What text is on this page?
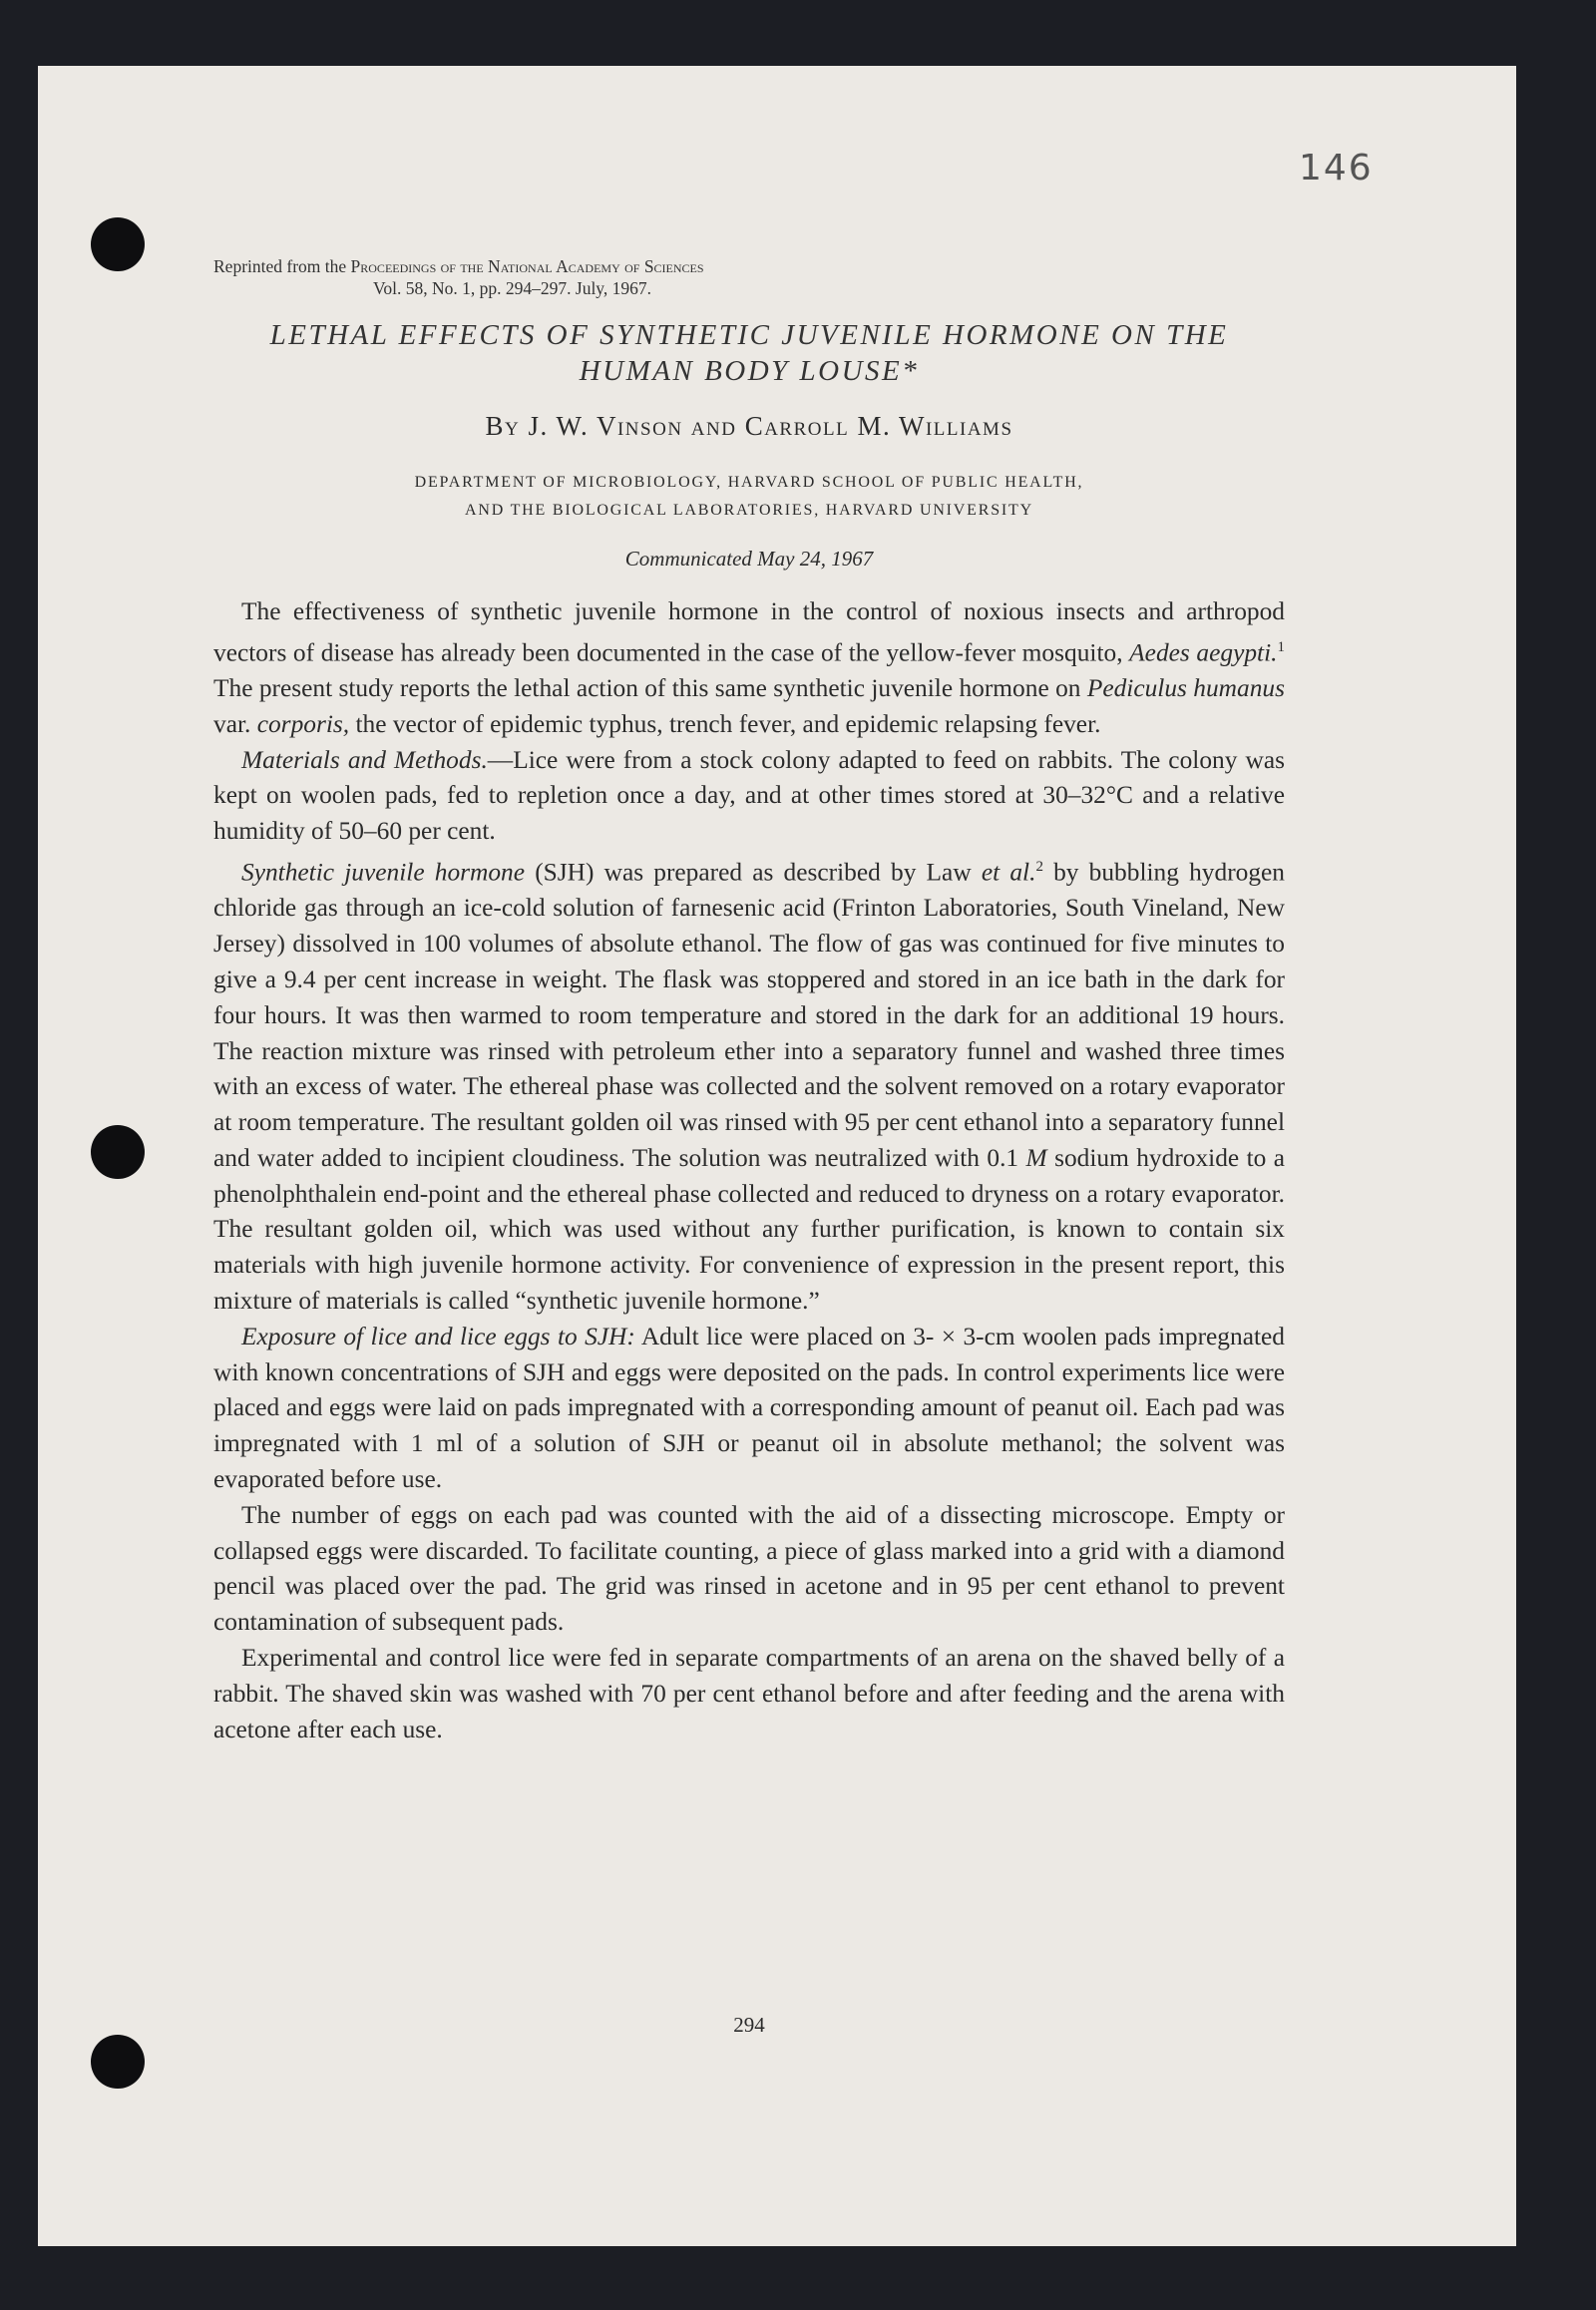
146
Reprinted from the Proceedings of the National Academy of Sciences
Vol. 58, No. 1, pp. 294–297. July, 1967.
LETHAL EFFECTS OF SYNTHETIC JUVENILE HORMONE ON THE HUMAN BODY LOUSE*
By J. W. Vinson and Carroll M. Williams
DEPARTMENT OF MICROBIOLOGY, HARVARD SCHOOL OF PUBLIC HEALTH,
AND THE BIOLOGICAL LABORATORIES, HARVARD UNIVERSITY
Communicated May 24, 1967

The effectiveness of synthetic juvenile hormone in the control of noxious insects and arthropod vectors of disease has already been documented in the case of the yellow-fever mosquito, Aedes aegypti.$^1$ The present study reports the lethal action of this same synthetic juvenile hormone on Pediculus humanus var. corporis, the vector of epidemic typhus, trench fever, and epidemic relapsing fever.

Materials and Methods.—Lice were from a stock colony adapted to feed on rabbits. The colony was kept on woolen pads, fed to repletion once a day, and at other times stored at 30–32°C and a relative humidity of 50–60 per cent.

Synthetic juvenile hormone (SJH) was prepared as described by Law et al.$^2$ by bubbling hydrogen chloride gas through an ice-cold solution of farnesenic acid (Frinton Laboratories, South Vineland, New Jersey) dissolved in 100 volumes of absolute ethanol. The flow of gas was continued for five minutes to give a 9.4 per cent increase in weight. The flask was stoppered and stored in an ice bath in the dark for four hours. It was then warmed to room temperature and stored in the dark for an additional 19 hours. The reaction mixture was rinsed with petroleum ether into a separatory funnel and washed three times with an excess of water. The ethereal phase was collected and the solvent removed on a rotary evaporator at room temperature. The resultant golden oil was rinsed with 95 per cent ethanol into a separatory funnel and water added to incipient cloudiness. The solution was neutralized with 0.1 M sodium hydroxide to a phenolphthalein end-point and the ethereal phase collected and reduced to dryness on a rotary evaporator. The resultant golden oil, which was used without any further purification, is known to contain six materials with high juvenile hormone activity. For convenience of expression in the present report, this mixture of materials is called “synthetic juvenile hormone.”

Exposure of lice and lice eggs to SJH: Adult lice were placed on 3- × 3-cm woolen pads impregnated with known concentrations of SJH and eggs were deposited on the pads. In control experiments lice were placed and eggs were laid on pads impregnated with a corresponding amount of peanut oil. Each pad was impregnated with 1 ml of a solution of SJH or peanut oil in absolute methanol; the solvent was evaporated before use.

The number of eggs on each pad was counted with the aid of a dissecting microscope. Empty or collapsed eggs were discarded. To facilitate counting, a piece of glass marked into a grid with a diamond pencil was placed over the pad. The grid was rinsed in acetone and in 95 per cent ethanol to prevent contamination of subsequent pads.

Experimental and control lice were fed in separate compartments of an arena on the shaved belly of a rabbit. The shaved skin was washed with 70 per cent ethanol before and after feeding and the arena with acetone after each use.

294
